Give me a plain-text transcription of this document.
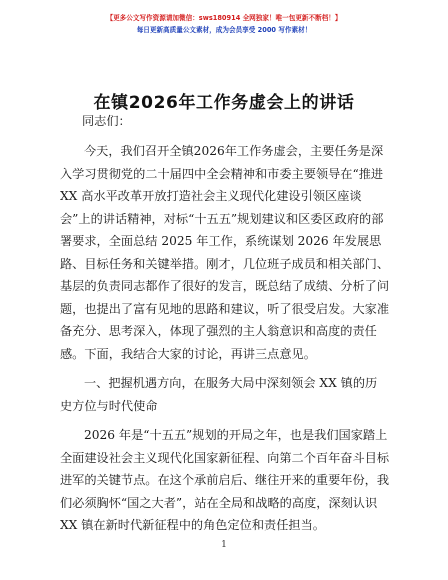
【更多公文写作资源请加微信：sws180914 全网独家！唯一包更新不断档！】
每日更新高质量公文素材，成为会员享受 2000 写作素材！
在镇2026年工作务虚会上的讲话
同志们：
今天，我们召开全镇2026年工作务虚会，主要任务是深
入学习贯彻党的二十届四中全会精神和市委主要领导在“推进
XX 高水平改革开放打造社会主义现代化建设引领区座谈
会”上的讲话精神，对标“十五五”规划建议和区委区政府的部
署要求，全面总结 2025 年工作，系统谋划 2026 年发展思
路、目标任务和关键举措。刚才，几位班子成员和相关部门、
基层的负责同志都作了很好的发言，既总结了成绩、分析了问
题，也提出了富有见地的思路和建议，听了很受启发。大家准
备充分、思考深入，体现了强烈的主人翁意识和高度的责任
感。下面，我结合大家的讨论，再讲三点意见。
一、把握机遇方向，在服务大局中深刻领会 XX 镇的历
史方位与时代使命
2026 年是“十五五”规划的开局之年，也是我们国家踏上
全面建设社会主义现代化国家新征程、向第二个百年奋斗目标
进军的关键节点。在这个承前启后、继往开来的重要年份，我
们必须胸怀“国之大者”，站在全局和战略的高度，深刻认识
XX 镇在新时代新征程中的角色定位和责任担当。
1
